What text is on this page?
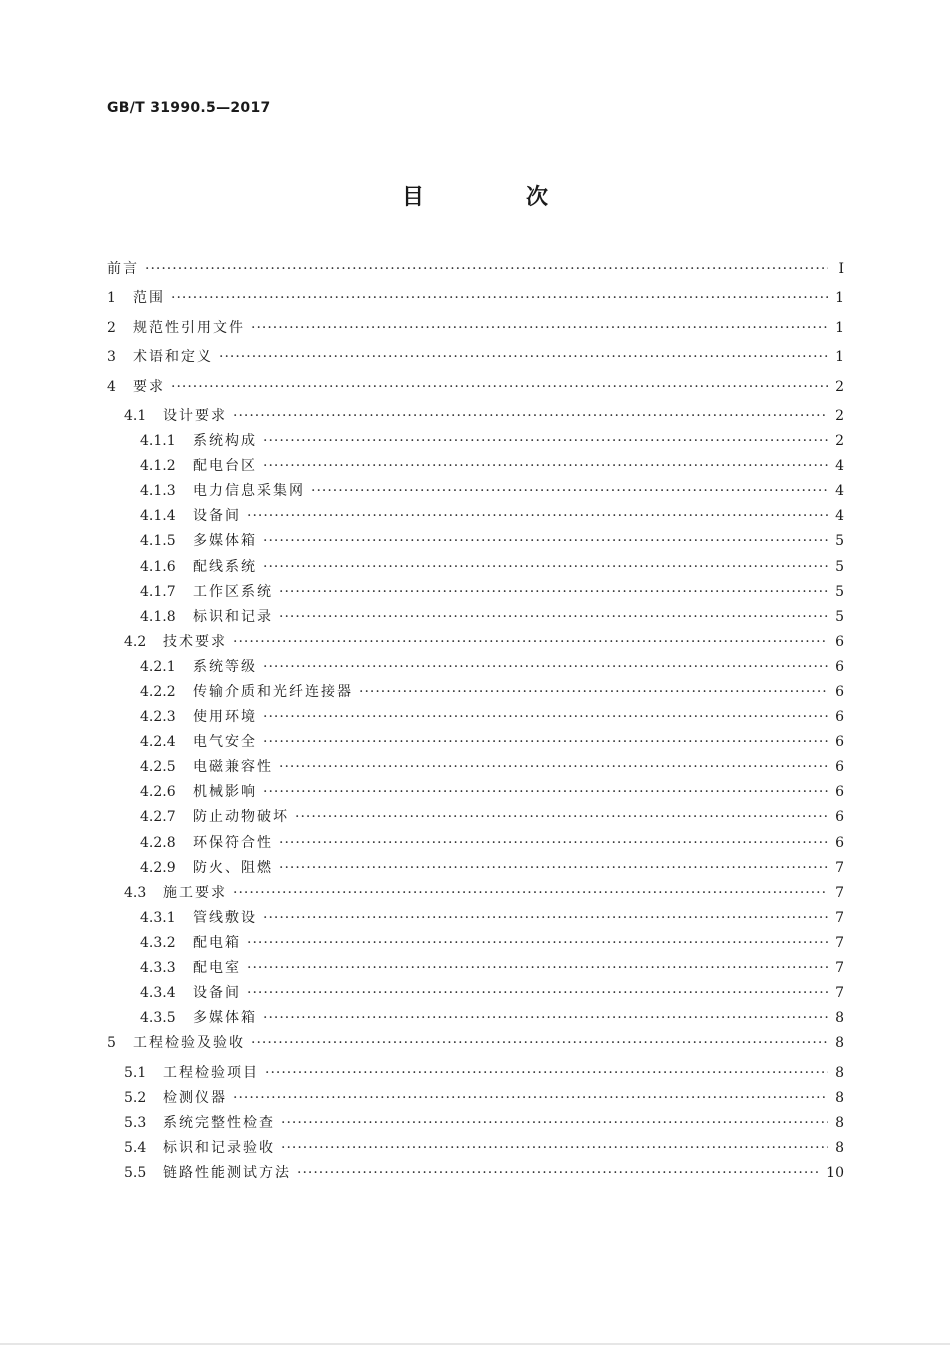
GB/T 31990.5—2017
目　次
前言 ·····	Ⅰ
1	范围 ·····	1
2	规范性引用文件 ·····	1
3	术语和定义 ·····	1
4	要求 ·····	2
4.1	设计要求 ·····	2
4.1.1	系统构成 ·····	2
4.1.2	配电台区 ·····	4
4.1.3	电力信息采集网 ·····	4
4.1.4	设备间 ·····	4
4.1.5	多媒体箱 ·····	5
4.1.6	配线系统 ·····	5
4.1.7	工作区系统 ·····	5
4.1.8	标识和记录 ·····	5
4.2	技术要求 ·····	6
4.2.1	系统等级 ·····	6
4.2.2	传输介质和光纤连接器 ·····	6
4.2.3	使用环境 ·····	6
4.2.4	电气安全 ·····	6
4.2.5	电磁兼容性 ·····	6
4.2.6	机械影响 ·····	6
4.2.7	防止动物破坏 ·····	6
4.2.8	环保符合性 ·····	6
4.2.9	防火、阻燃 ·····	7
4.3	施工要求 ·····	7
4.3.1	管线敷设 ·····	7
4.3.2	配电箱 ·····	7
4.3.3	配电室 ·····	7
4.3.4	设备间 ·····	7
4.3.5	多媒体箱 ·····	8
5	工程检验及验收 ·····	8
5.1	工程检验项目 ·····	8
5.2	检测仪器 ·····	8
5.3	系统完整性检查 ·····	8
5.4	标识和记录验收 ·····	8
5.5	链路性能测试方法 ·····	10
